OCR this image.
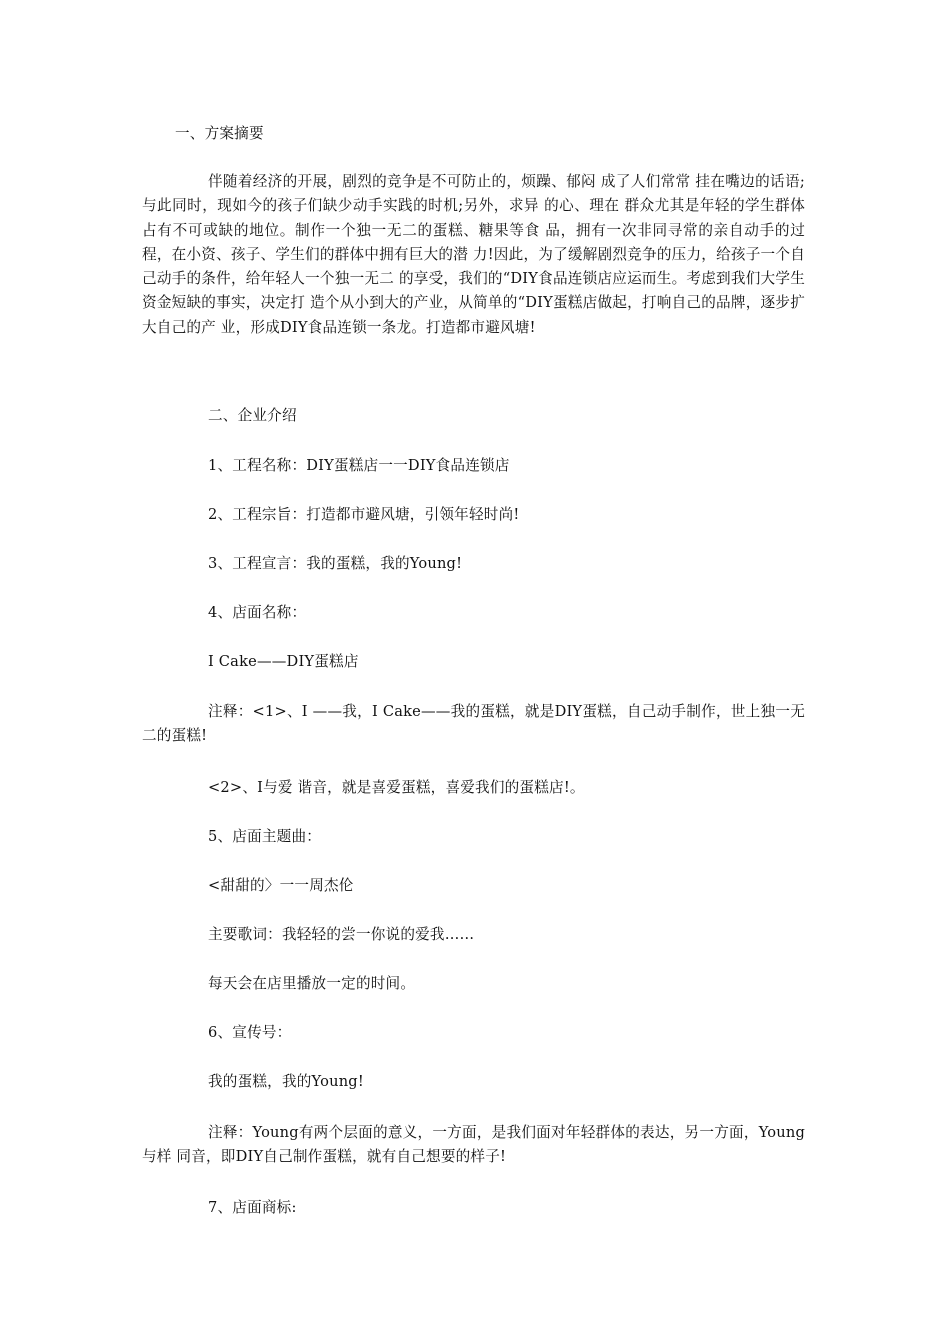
一、方案摘要
伴随着经济的开展，剧烈的竞争是不可防止的，烦躁、郁闷 成了人们常常 挂在嘴边的话语;与此同时，现如今的孩子们缺少动手实践的时机;另外，求异 的心、理在 群众尤其是年轻的学生群体占有不可或缺的地位。制作一个独一无二的蛋糕、糖果等食 品，拥有一次非同寻常的亲自动手的过程，在小资、孩子、学生们的群体中拥有巨大的潜 力!因此，为了缓解剧烈竞争的压力，给孩子一个自己动手的条件，给年轻人一个独一无二 的享受，我们的“DIY食品连锁店应运而生。考虑到我们大学生资金短缺的事实，决定打 造个从小到大的产业，从简单的“DIY蛋糕店做起，打响自己的品牌，逐步扩大自己的产 业，形成DIY食品连锁一条龙。打造都市避风塘!
二、企业介绍
1、工程名称：DIY蛋糕店一一DIY食品连锁店
2、工程宗旨：打造都市避风塘，引领年轻时尚!
3、工程宣言：我的蛋糕，我的Young!
4、店面名称：
I Cake——DIY蛋糕店
注释：<1>、I ——我，I Cake——我的蛋糕，就是DIY蛋糕，自己动手制作，世上独一无二的蛋糕!
<2>、I与爱 谐音，就是喜爱蛋糕，喜爱我们的蛋糕店!。
5、店面主题曲：
<甜甜的〉一一周杰伦
主要歌词：我轻轻的尝一你说的爱我……
每天会在店里播放一定的时间。
6、宣传号：
我的蛋糕，我的Young!
注释：Young有两个层面的意义，一方面，是我们面对年轻群体的表达，另一方面，Young与样 同音，即DIY自己制作蛋糕，就有自己想要的样子!
7、店面商标:
